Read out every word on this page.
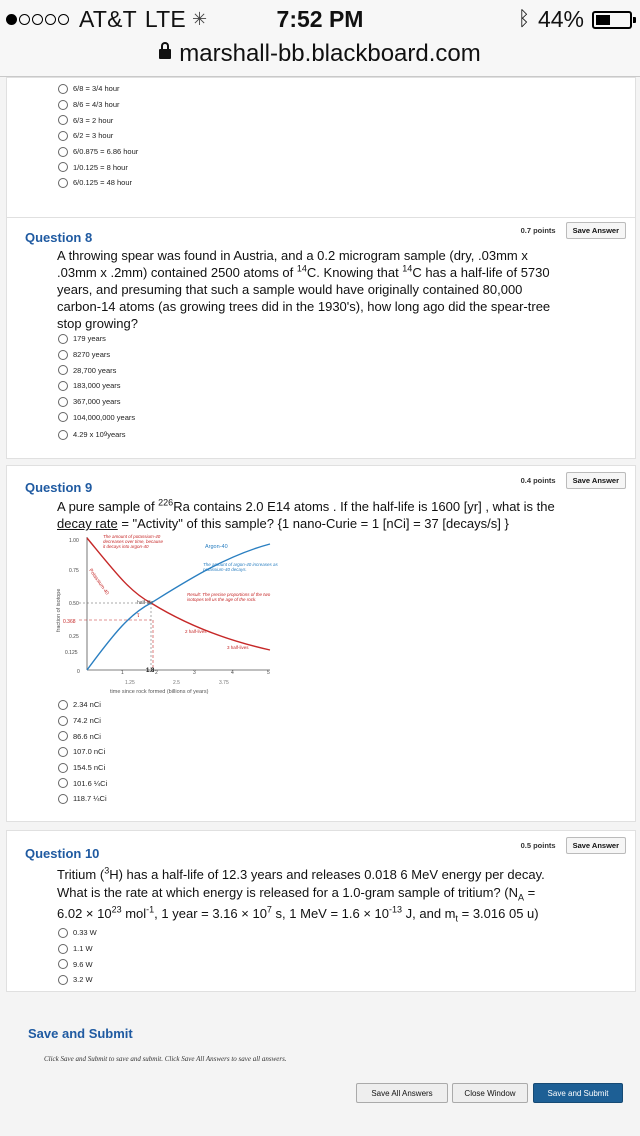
AT&T LTE ✳	7:52 PM	ᛒ 44%
marshall-bb.blackboard.com
6/8 = 3/4 hour
8/6 = 4/3 hour
6/3 = 2 hour
6/2 = 3 hour
6/0.875 = 6.86 hour
1/0.125 = 8 hour
6/0.125 = 48 hour
Question 8	0.7 points	Save Answer
A throwing spear was found in Austria, and a 0.2 microgram sample (dry, .03mm x
.03mm x .2mm) contained 2500 atoms of $^{14}$C. Knowing that $^{14}$C has a half-life of 5730
years, and presuming that such a sample would have originally contained 80,000
carbon-14 atoms (as growing trees did in the 1930's), how long ago did the spear-tree
stop growing?
179 years
8270 years
28,700 years
183,000 years
367,000 years
104,000,000 years
4.29 x 10 9 years
Question 9	0.4 points	Save Answer
A pure sample of $^{226}$Ra contains 2.0 E14 atoms . If the half-life is 1600 [yr] , what is the
decay rate = "Activity" of this sample? {1 nano-Curie = 1 [nCi] = 37 [decays/s] }
1.00
0.75
0.50
0.368
0.25
0.125
0
fraction of isotope
Potassium-40
Argon-40
half-life
τ
2 half-lives
3 half-lives
The amount of potassium-40 decreases over time, because it decays into argon-40
The amount of argon-40 increases as potassium-40 decays.
Result: The precise proportions of the two isotopes tell us the age of the rock.
1	2	3	4	5
1.8
1.25	2.5	3.75
time since rock formed (billions of years)
2.34 nCi
74.2 nCi
86.6 nCi
107.0 nCi
154.5 nCi
101.6 ¼Ci
118.7 ¼Ci
Question 10
0.5 points	Save Answer
Tritium ($^3$H) has a half-life of 12.3 years and releases 0.018 6 MeV energy per decay.
What is the rate at which energy is released for a 1.0-gram sample of tritium? ($N_A$ =
$6.02 \times 10^{23}$ mol$^{-1}$, 1 year = $3.16 \times 10^7$ s, 1 MeV = $1.6 \times 10^{-13}$ J, and $m_t = 3.016$ 05 u)
0.33 W
1.1 W
9.6 W
3.2 W
Save and Submit
Click Save and Submit to save and submit. Click Save All Answers to save all answers.
Save All Answers	Close Window	Save and Submit
